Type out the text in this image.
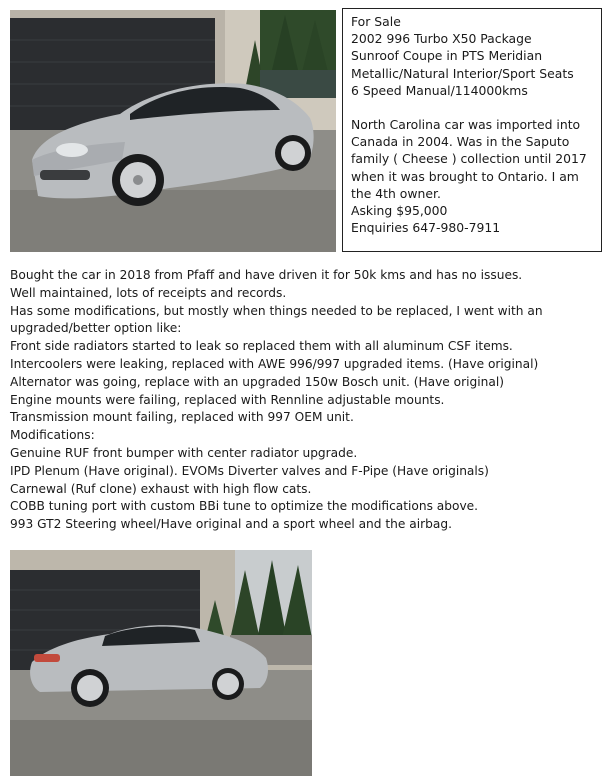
For Sale
2002 996 Turbo X50 Package
Sunroof Coupe in PTS Meridian
Metallic/Natural Interior/Sport Seats
6 Speed Manual/114000kms
North Carolina car was imported into
Canada in 2004. Was in the Saputo
family ( Cheese ) collection until 2017
when it was brought to Ontario. I am
the 4th owner.
Asking $95,000
Enquiries 647-980-7911
Bought the car in 2018 from Pfaff and have driven it for 50k kms and has no issues.
Well maintained, lots of receipts and records.
Has some modifications, but mostly when things needed to be replaced, I went with an
upgraded/better option like:
Front side radiators started to leak so replaced them with all aluminum CSF items.
Intercoolers were leaking, replaced with AWE 996/997 upgraded items. (Have original)
Alternator was going, replace with an upgraded 150w Bosch unit. (Have original)
Engine mounts were failing, replaced with Rennline adjustable mounts.
Transmission mount failing, replaced with 997 OEM unit.
Modifications:
Genuine RUF front bumper with center radiator upgrade.
IPD Plenum (Have original). EVOMs Diverter valves and F-Pipe (Have originals)
Carnewal (Ruf clone) exhaust with high flow cats.
COBB tuning port with custom BBi tune to optimize the modifications above.
993 GT2 Steering wheel/Have original and a sport wheel and the airbag.
